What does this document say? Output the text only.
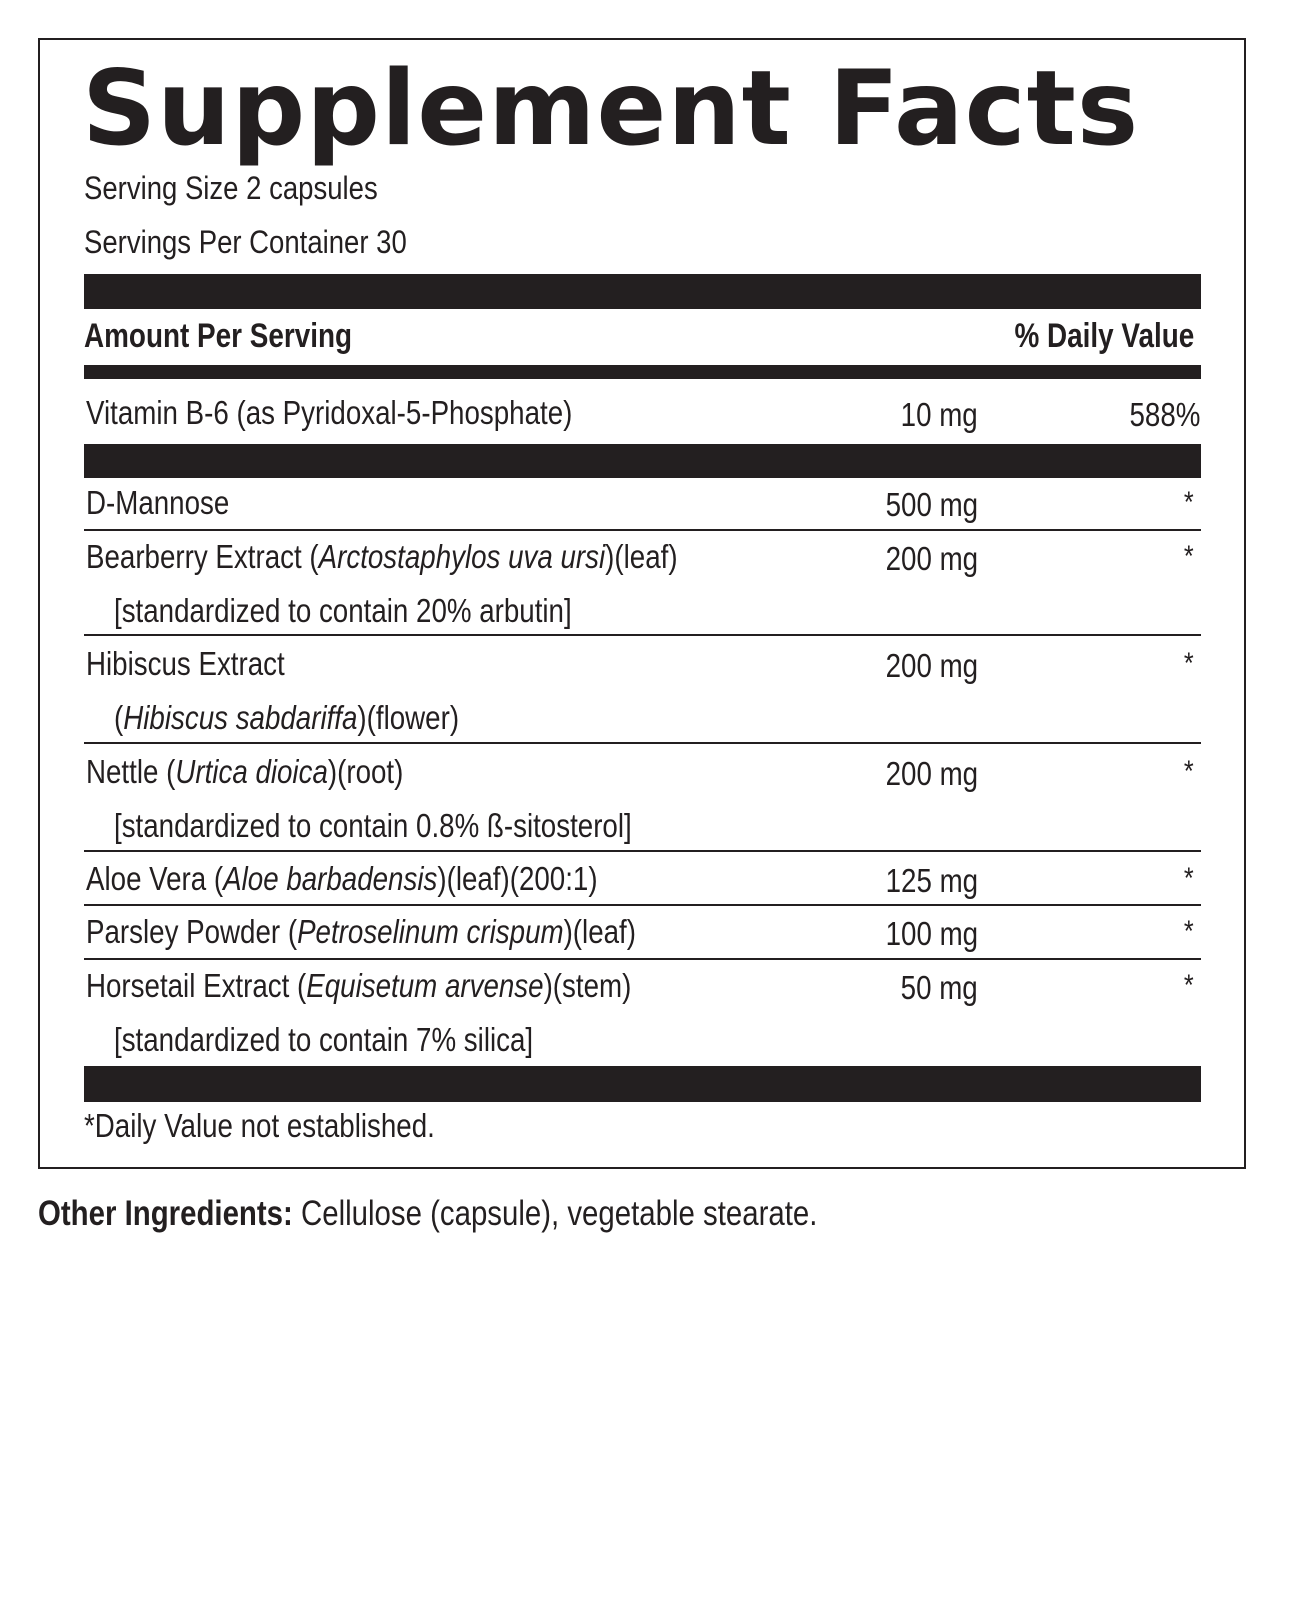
Supplement Facts
Serving Size 2 capsules
Servings Per Container 30
Amount Per Serving	% Daily Value
Vitamin B-6 (as Pyridoxal-5-Phosphate)	10 mg	588%
D-Mannose	500 mg	*
Bearberry Extract (Arctostaphylos uva ursi)(leaf)
[standardized to contain 20% arbutin]
200 mg	*
Hibiscus Extract
(Hibiscus sabdariffa)(flower)
200 mg	*
Nettle (Urtica dioica)(root)
[standardized to contain 0.8% ß-sitosterol]
200 mg	*
Aloe Vera (Aloe barbadensis)(leaf)(200:1)	125 mg	*
Parsley Powder (Petroselinum crispum)(leaf)	100 mg	*
Horsetail Extract (Equisetum arvense)(stem)
[standardized to contain 7% silica]
50 mg	*
*Daily Value not established.
Other Ingredients: Cellulose (capsule), vegetable stearate.
